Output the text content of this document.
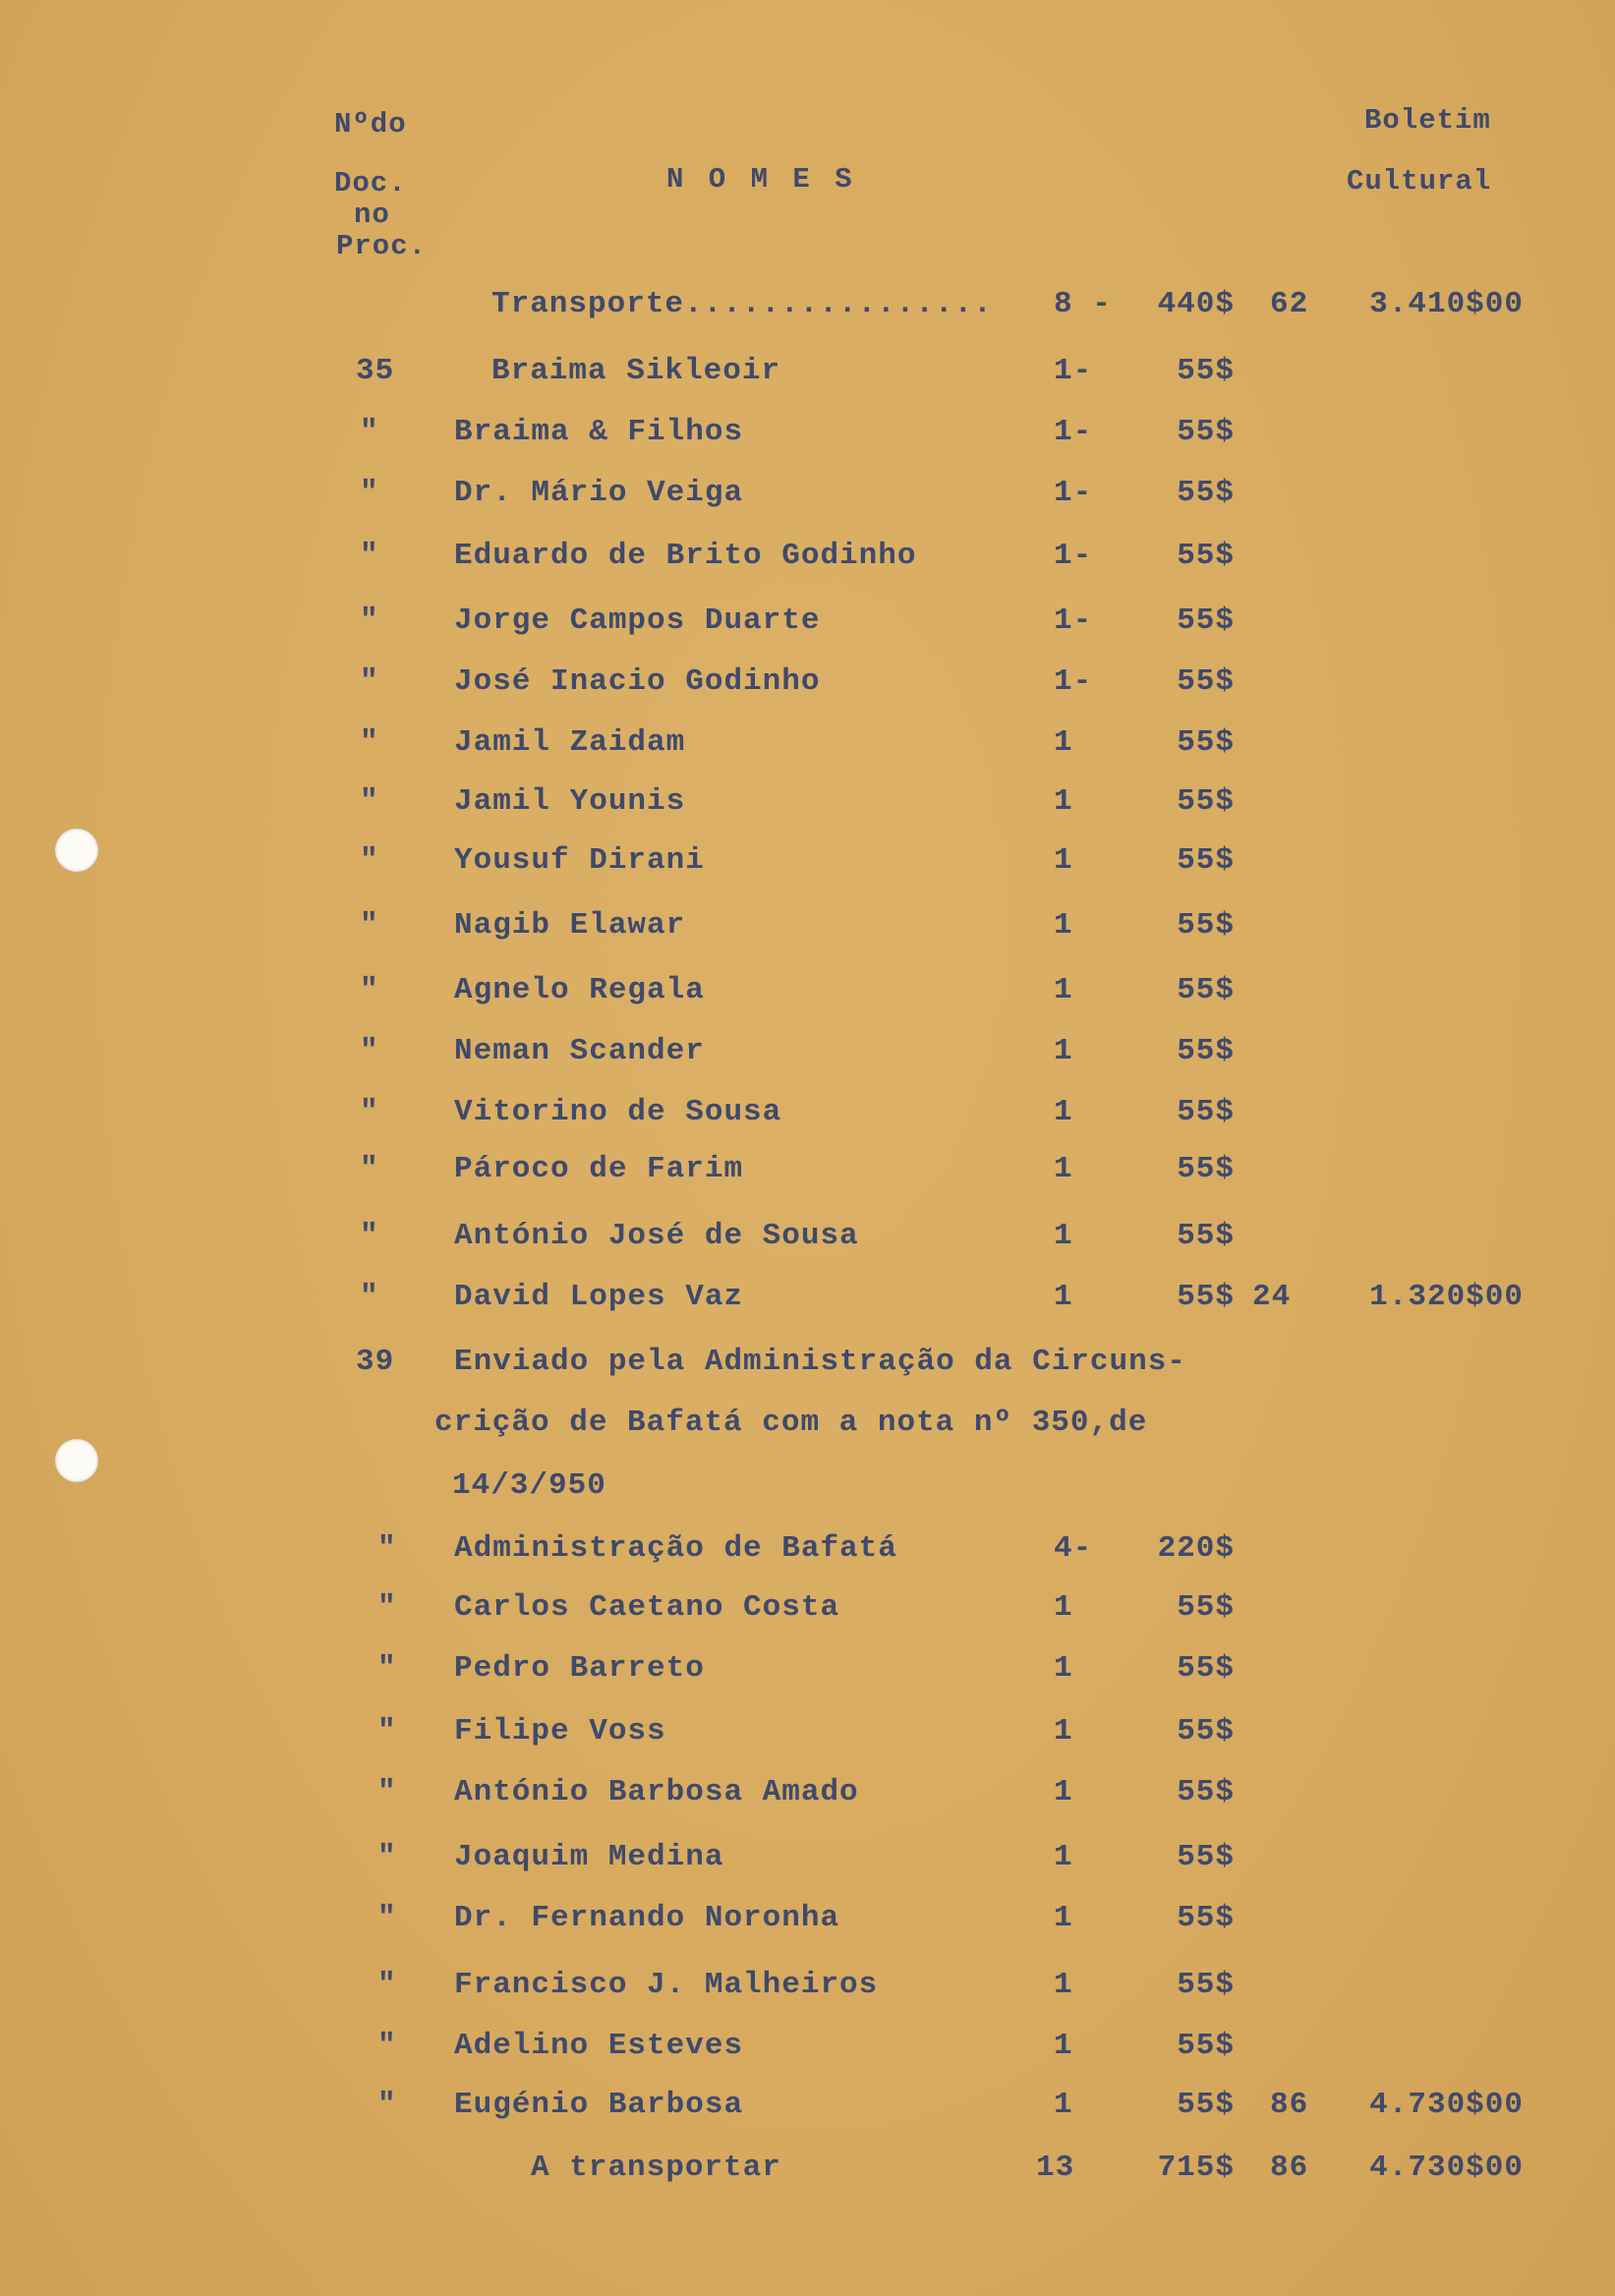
Nºdo
Doc.
no
Proc.
N O M E S
Boletim
Cultural
Transporte................ 8 - 440$ 62 3.410$00
35	Braima Sikleoir	1-	55$
" Braima & Filhos	1-	55$
" Dr. Mário Veiga	1-	55$
" Eduardo de Brito Godinho	1-	55$
" Jorge Campos Duarte	1-	55$
" José Inacio Godinho	1-	55$
" Jamil Zaidam	1	55$
" Jamil Younis	1	55$
" Yousuf Dirani	1	55$
" Nagib Elawar	1	55$
" Agnelo Regala	1	55$
" Neman Scander	1	55$
" Vitorino de Sousa	1	55$
" Pároco de Farim	1	55$
" António José de Sousa	1	55$
" David Lopes Vaz	1	55$ 24	1.320$00
39 Enviado pela Administração da Circuns-
crição de Bafatá com a nota nº 350,de
14/3/950
" Administração de Bafatá	4- 220$
" Carlos Caetano Costa	1	55$
" Pedro Barreto	1	55$
" Filipe Voss	1	55$
" António Barbosa Amado	1	55$
" Joaquim Medina	1	55$
" Dr. Fernando Noronha	1	55$
" Francisco J. Malheiros	1	55$
" Adelino Esteves	1	55$
" Eugénio Barbosa	1	55$ 86 4.730$00
A transportar	13	715$ 86 4.730$00
